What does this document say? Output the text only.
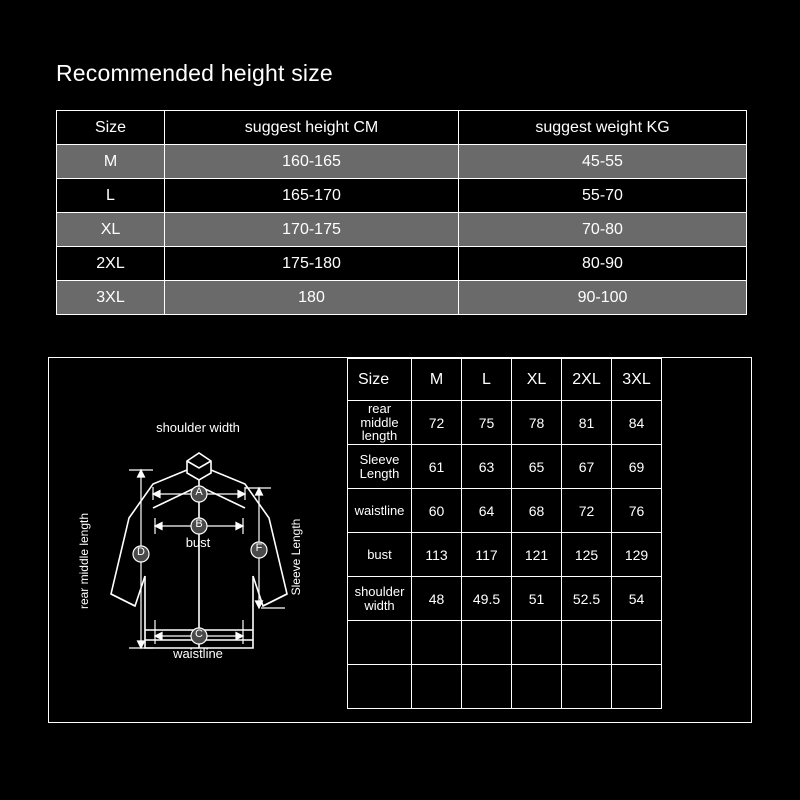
Recommended height size
Size	suggest height CM	suggest weight KG
M	160-165	45-55
L	165-170	55-70
XL	170-175	70-80
2XL	175-180	80-90
3XL	180	90-100
A
B
C
D	F
shoulder width
bust
waistline
rear middle length	Sleeve Length
Size	M	L	XL	2XL	3XL
rear middle length	72	75	78	81	84
Sleeve Length	61	63	65	67	69
waistline	60	64	68	72	76
bust	113	117	121	125	129
shoulder width	48	49.5	51	52.5	54
